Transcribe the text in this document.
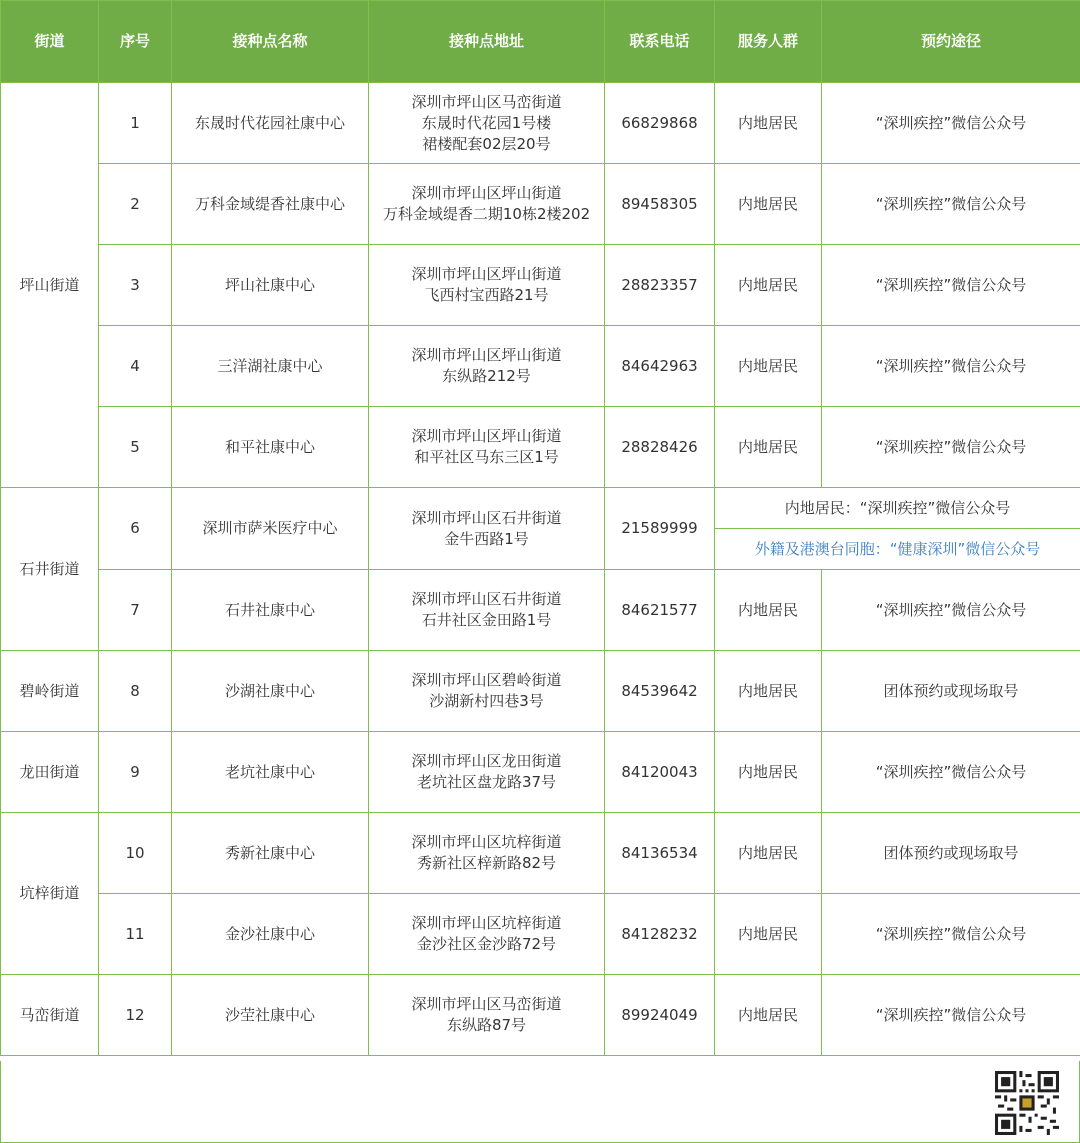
街道	序号	接种点名称	接种点地址	联系电话	服务人群	预约途径
坪山街道	1	东晟时代花园社康中心	深圳市坪山区马峦街道
东晟时代花园1号楼
裙楼配套02层20号	66829868	内地居民	“深圳疾控”微信公众号
	2	万科金域缇香社康中心	深圳市坪山区坪山街道
万科金域缇香二期10栋2楼202	89458305	内地居民	“深圳疾控”微信公众号
	3	坪山社康中心	深圳市坪山区坪山街道
飞西村宝西路21号	28823357	内地居民	“深圳疾控”微信公众号
	4	三洋湖社康中心	深圳市坪山区坪山街道
东纵路212号	84642963	内地居民	“深圳疾控”微信公众号
	5	和平社康中心	深圳市坪山区坪山街道
和平社区马东三区1号	28828426	内地居民	“深圳疾控”微信公众号
石井街道	6	深圳市萨米医疗中心	深圳市坪山区石井街道
金牛西路1号	21589999	内地居民：“深圳疾控”微信公众号	
					外籍及港澳台同胞：“健康深圳”微信公众号	
	7	石井社康中心	深圳市坪山区石井街道
石井社区金田路1号	84621577	内地居民	“深圳疾控”微信公众号
碧岭街道	8	沙湖社康中心	深圳市坪山区碧岭街道
沙湖新村四巷3号	84539642	内地居民	团体预约或现场取号
龙田街道	9	老坑社康中心	深圳市坪山区龙田街道
老坑社区盘龙路37号	84120043	内地居民	“深圳疾控”微信公众号
坑梓街道	10	秀新社康中心	深圳市坪山区坑梓街道
秀新社区梓新路82号	84136534	内地居民	团体预约或现场取号
	11	金沙社康中心	深圳市坪山区坑梓街道
金沙社区金沙路72号	84128232	内地居民	“深圳疾控”微信公众号
马峦街道	12	沙茔社康中心	深圳市坪山区马峦街道
东纵路87号	89924049	内地居民	“深圳疾控”微信公众号
